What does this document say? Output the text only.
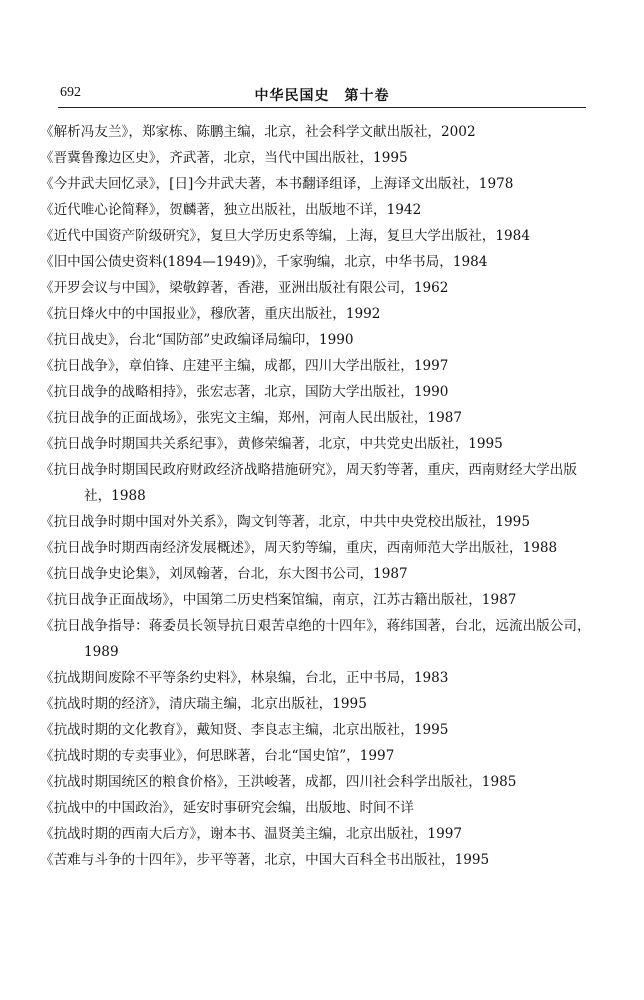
692	中华民国史　第十卷
《解析冯友兰》，郑家栋、陈鹏主编，北京，社会科学文献出版社，2002
《晋冀鲁豫边区史》，齐武著，北京，当代中国出版社，1995
《今井武夫回忆录》，[日]今井武夫著，本书翻译组译，上海译文出版社，1978
《近代唯心论简释》，贺麟著，独立出版社，出版地不详，1942
《近代中国资产阶级研究》，复旦大学历史系等编，上海，复旦大学出版社，1984
《旧中国公债史资料(1894—1949)》，千家驹编，北京，中华书局，1984
《开罗会议与中国》，梁敬錞著，香港，亚洲出版社有限公司，1962
《抗日烽火中的中国报业》，穆欣著，重庆出版社，1992
《抗日战史》，台北“国防部”史政编译局编印，1990
《抗日战争》，章伯锋、庄建平主编，成都，四川大学出版社，1997
《抗日战争的战略相持》，张宏志著，北京，国防大学出版社，1990
《抗日战争的正面战场》，张宪文主编，郑州，河南人民出版社，1987
《抗日战争时期国共关系纪事》，黄修荣编著，北京，中共党史出版社，1995
《抗日战争时期国民政府财政经济战略措施研究》，周天豹等著，重庆，西南财经大学出版社，1988
《抗日战争时期中国对外关系》，陶文钊等著，北京，中共中央党校出版社，1995
《抗日战争时期西南经济发展概述》，周天豹等编，重庆，西南师范大学出版社，1988
《抗日战争史论集》，刘凤翰著，台北，东大图书公司，1987
《抗日战争正面战场》，中国第二历史档案馆编，南京，江苏古籍出版社，1987
《抗日战争指导：蒋委员长领导抗日艰苦卓绝的十四年》，蒋纬国著，台北，远流出版公司，1989
《抗战期间废除不平等条约史料》，林泉编，台北，正中书局，1983
《抗战时期的经济》，清庆瑞主编，北京出版社，1995
《抗战时期的文化教育》，戴知贤、李良志主编，北京出版社，1995
《抗战时期的专卖事业》，何思眯著，台北“国史馆”，1997
《抗战时期国统区的粮食价格》，王洪峻著，成都，四川社会科学出版社，1985
《抗战中的中国政治》，延安时事研究会编，出版地、时间不详
《抗战时期的西南大后方》，谢本书、温贤美主编，北京出版社，1997
《苦难与斗争的十四年》，步平等著，北京，中国大百科全书出版社，1995
